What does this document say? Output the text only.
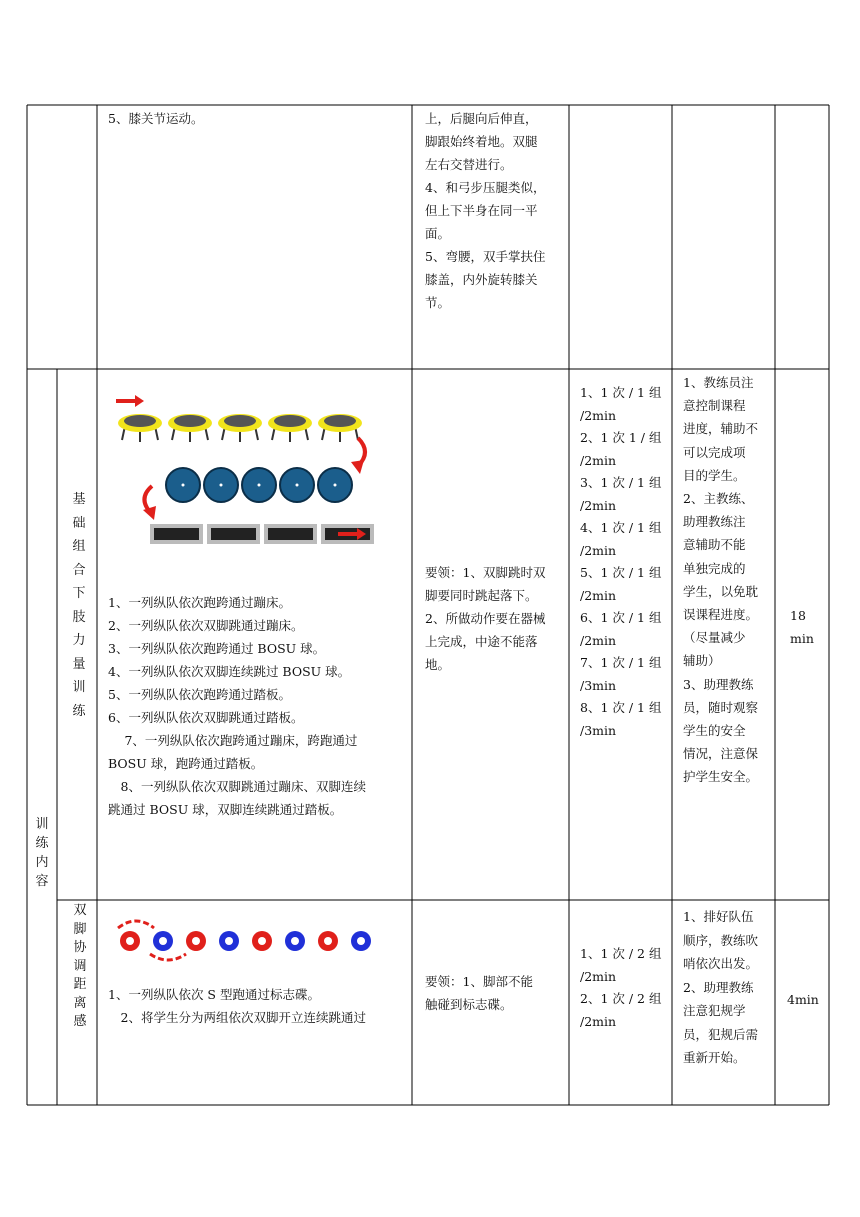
5、膝关节运动。	上，后腿向后伸直，
脚跟始终着地。双腿
左右交替进行。
4、和弓步压腿类似，
但上下半身在同一平
面。
5、弯腰，双手掌扶住
膝盖，内外旋转膝关
节。
训
练
内
容
基
础
组
合
下
肢
力
量
训
练
1、一列纵队依次跑跨通过蹦床。
2、一列纵队依次双脚跳通过蹦床。
3、一列纵队依次跑跨通过 BOSU 球。
4、一列纵队依次双脚连续跳过 BOSU 球。
5、一列纵队依次跑跨通过踏板。
6、一列纵队依次双脚跳通过踏板。
　 7、一列纵队依次跑跨通过蹦床，跨跑通过
BOSU 球，跑跨通过踏板。
　8、一列纵队依次双脚跳通过蹦床、双脚连续
跳通过 BOSU 球，双脚连续跳通过踏板。
要领：1、双脚跳时双
脚要同时跳起落下。
2、所做动作要在器械
上完成，中途不能落
地。
1、1 次 / 1 组
/2min
2、1 次 1 / 组
/2min
3、1 次 / 1 组
/2min
4、1 次 / 1 组
/2min
5、1 次 / 1 组
/2min
6、1 次 / 1 组
/2min
7、1 次 / 1 组
/3min
8、1 次 / 1 组
/3min
1、教练员注
意控制课程
进度，辅助不
可以完成项
目的学生。
2、主教练、
助理教练注
意辅助不能
单独完成的
学生，以免耽
误课程进度。
（尽量减少
辅助）
3、助理教练
员，随时观察
学生的安全
情况，注意保
护学生安全。
18
min
双
脚
协
调
距
离
感
1、一列纵队依次 S 型跑通过标志碟。
　2、将学生分为两组依次双脚开立连续跳通过
要领：1、脚部不能
触碰到标志碟。
1、1 次 / 2 组
/2min
2、1 次 / 2 组
/2min
1、排好队伍
顺序，教练吹
哨依次出发。
2、助理教练
注意犯规学
员，犯规后需
重新开始。
4min
